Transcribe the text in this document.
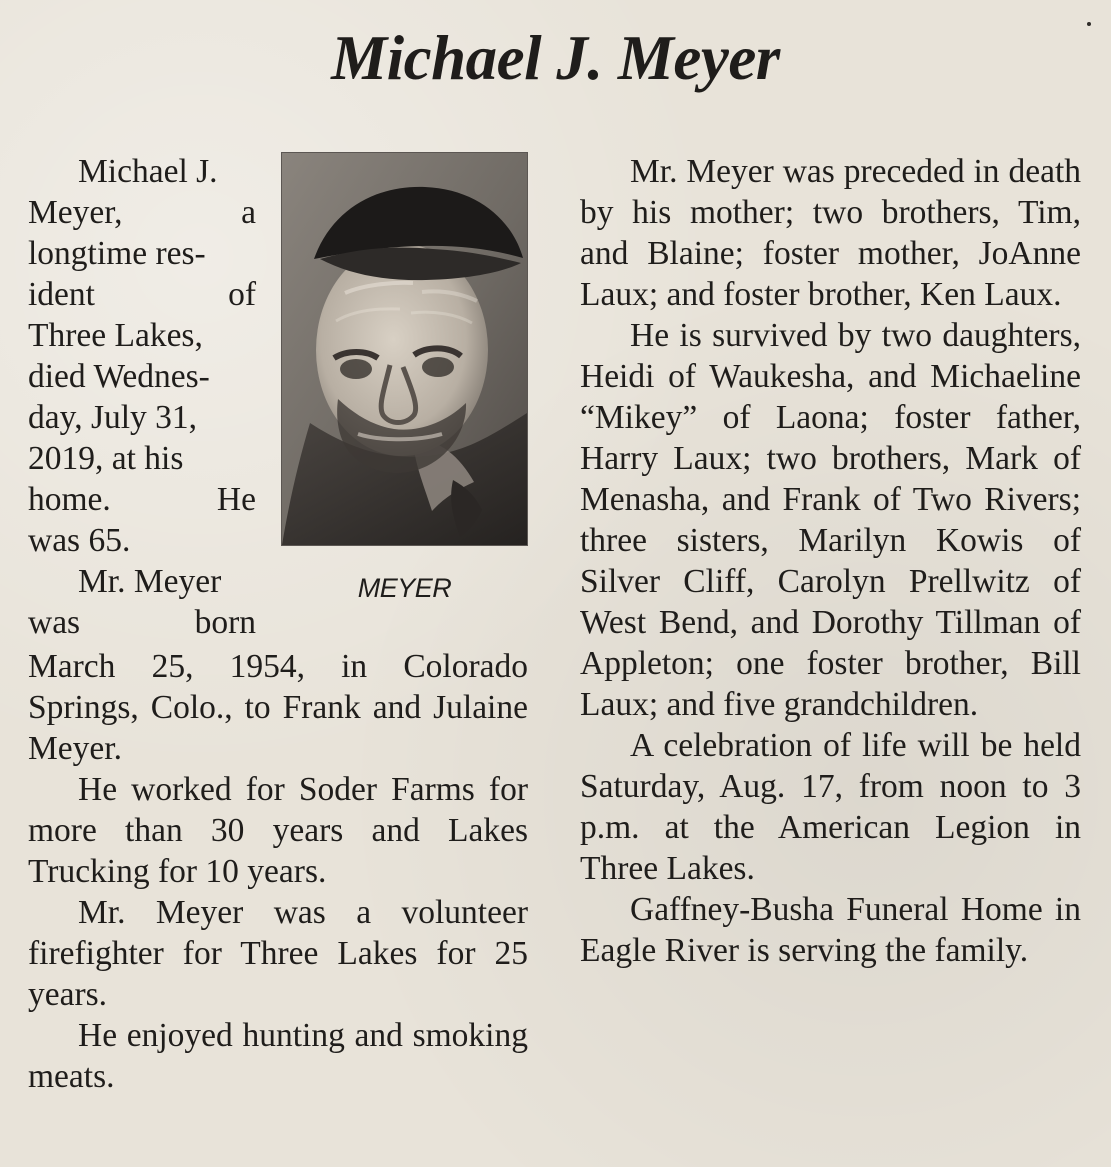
Michael J. Meyer
Michael J.
Meyer, a
longtime res-
ident of
Three Lakes,
died Wednes-
day, July 31,
2019, at his
home. He
was 65.
Mr. Meyer
was born
MEYER

March 25, 1954, in Colorado Springs, Colo., to Frank and Julaine Meyer.

He worked for Soder Farms for more than 30 years and Lakes Trucking for 10 years.

Mr. Meyer was a volunteer firefighter for Three Lakes for 25 years.

He enjoyed hunting and smoking meats.

Mr. Meyer was preceded in death by his mother; two brothers, Tim, and Blaine; foster mother, JoAnne Laux; and foster brother, Ken Laux.

He is survived by two daughters, Heidi of Waukesha, and Michaeline “Mikey” of Laona; foster father, Harry Laux; two brothers, Mark of Menasha, and Frank of Two Rivers; three sisters, Marilyn Kowis of Silver Cliff, Carolyn Prellwitz of West Bend, and Dorothy Tillman of Appleton; one foster brother, Bill Laux; and five grandchildren.

A celebration of life will be held Saturday, Aug. 17, from noon to 3 p.m. at the American Legion in Three Lakes.

Gaffney-Busha Funeral Home in Eagle River is serving the family.
